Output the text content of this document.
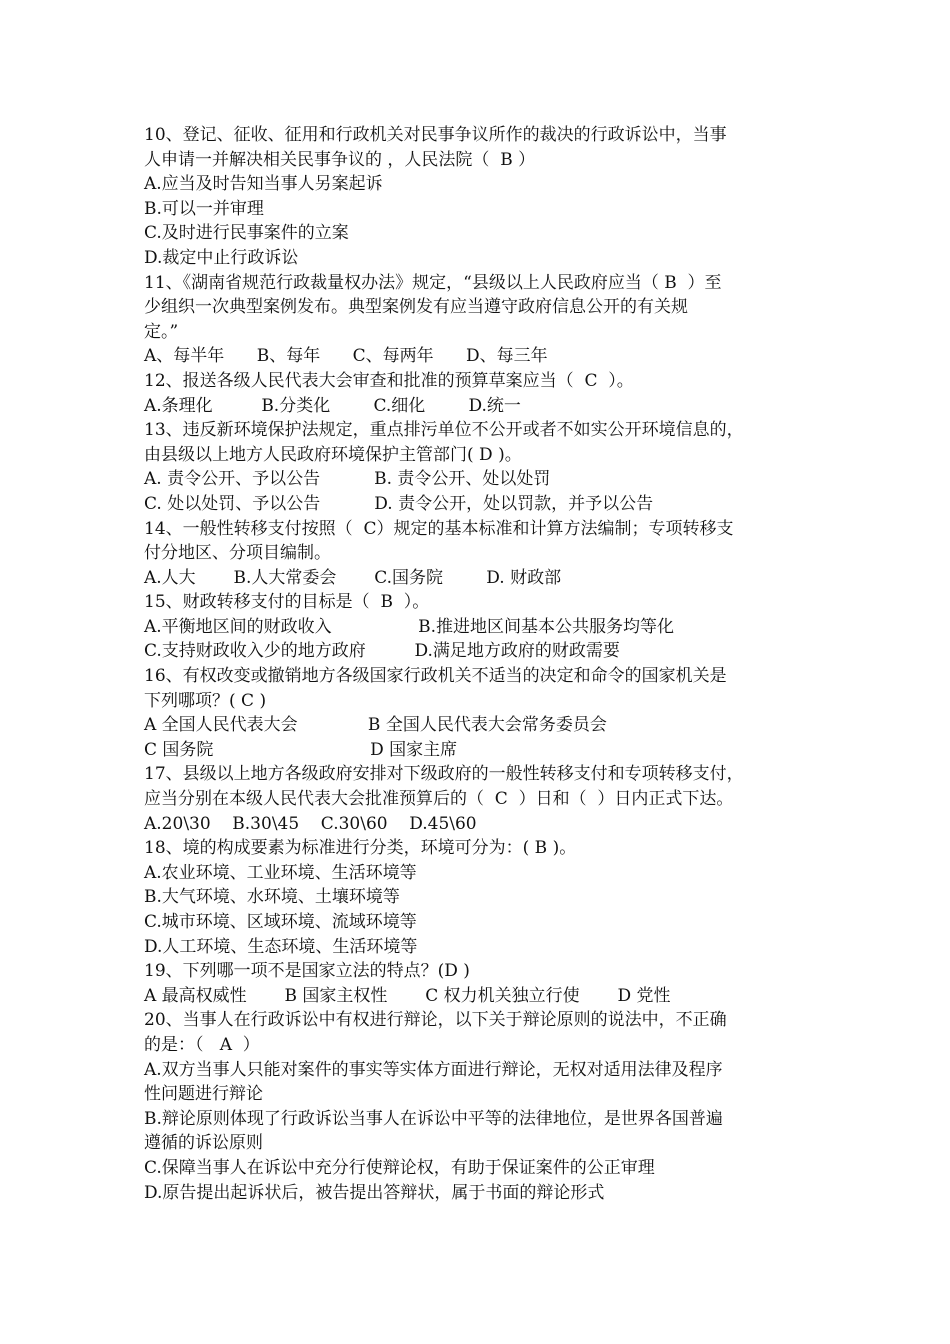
10、登记、征收、征用和行政机关对民事争议所作的裁决的行政诉讼中，当事
人申请一并解决相关民事争议的 ，人民法院（  B ）
A.应当及时告知当事人另案起诉
B.可以一并审理
C.及时进行民事案件的立案
D.裁定中止行政诉讼
11、《湖南省规范行政裁量权办法》规定，“县级以上人民政府应当（ B  ）至
少组织一次典型案例发布。典型案例发有应当遵守政府信息公开的有关规
定。”
A、每半年      B、每年      C、每两年      D、每三年
12、报送各级人民代表大会审查和批准的预算草案应当（  C  ）。
A.条理化         B.分类化        C.细化        D.统一
13、违反新环境保护法规定，重点排污单位不公开或者不如实公开环境信息的，
由县级以上地方人民政府环境保护主管部门( D )。
A. 责令公开、予以公告          B. 责令公开、处以处罚
C. 处以处罚、予以公告          D. 责令公开，处以罚款，并予以公告
14、一般性转移支付按照（  C）规定的基本标准和计算方法编制；专项转移支
付分地区、分项目编制。
A.人大       B.人大常委会       C.国务院        D. 财政部
15、财政转移支付的目标是（  B  ）。
A.平衡地区间的财政收入                B.推进地区间基本公共服务均等化
C.支持财政收入少的地方政府         D.满足地方政府的财政需要
16、有权改变或撤销地方各级国家行政机关不适当的决定和命令的国家机关是
下列哪项？( C )
A 全国人民代表大会             B 全国人民代表大会常务委员会
C 国务院                             D 国家主席
17、县级以上地方各级政府安排对下级政府的一般性转移支付和专项转移支付，
应当分别在本级人民代表大会批准预算后的（  C  ）日和（  ）日内正式下达。
A.20\30    B.30\45    C.30\60    D.45\60
18、境的构成要素为标准进行分类，环境可分为：( B )。
A.农业环境、工业环境、生活环境等
B.大气环境、水环境、土壤环境等
C.城市环境、区域环境、流域环境等
D.人工环境、生态环境、生活环境等
19、下列哪一项不是国家立法的特点？(D )
A 最高权威性       B 国家主权性       C 权力机关独立行使       D 党性
20、当事人在行政诉讼中有权进行辩论，以下关于辩论原则的说法中，不正确
的是：（   A  ）
A.双方当事人只能对案件的事实等实体方面进行辩论，无权对适用法律及程序
性问题进行辩论
B.辩论原则体现了行政诉讼当事人在诉讼中平等的法律地位，是世界各国普遍
遵循的诉讼原则
C.保障当事人在诉讼中充分行使辩论权，有助于保证案件的公正审理
D.原告提出起诉状后，被告提出答辩状，属于书面的辩论形式
